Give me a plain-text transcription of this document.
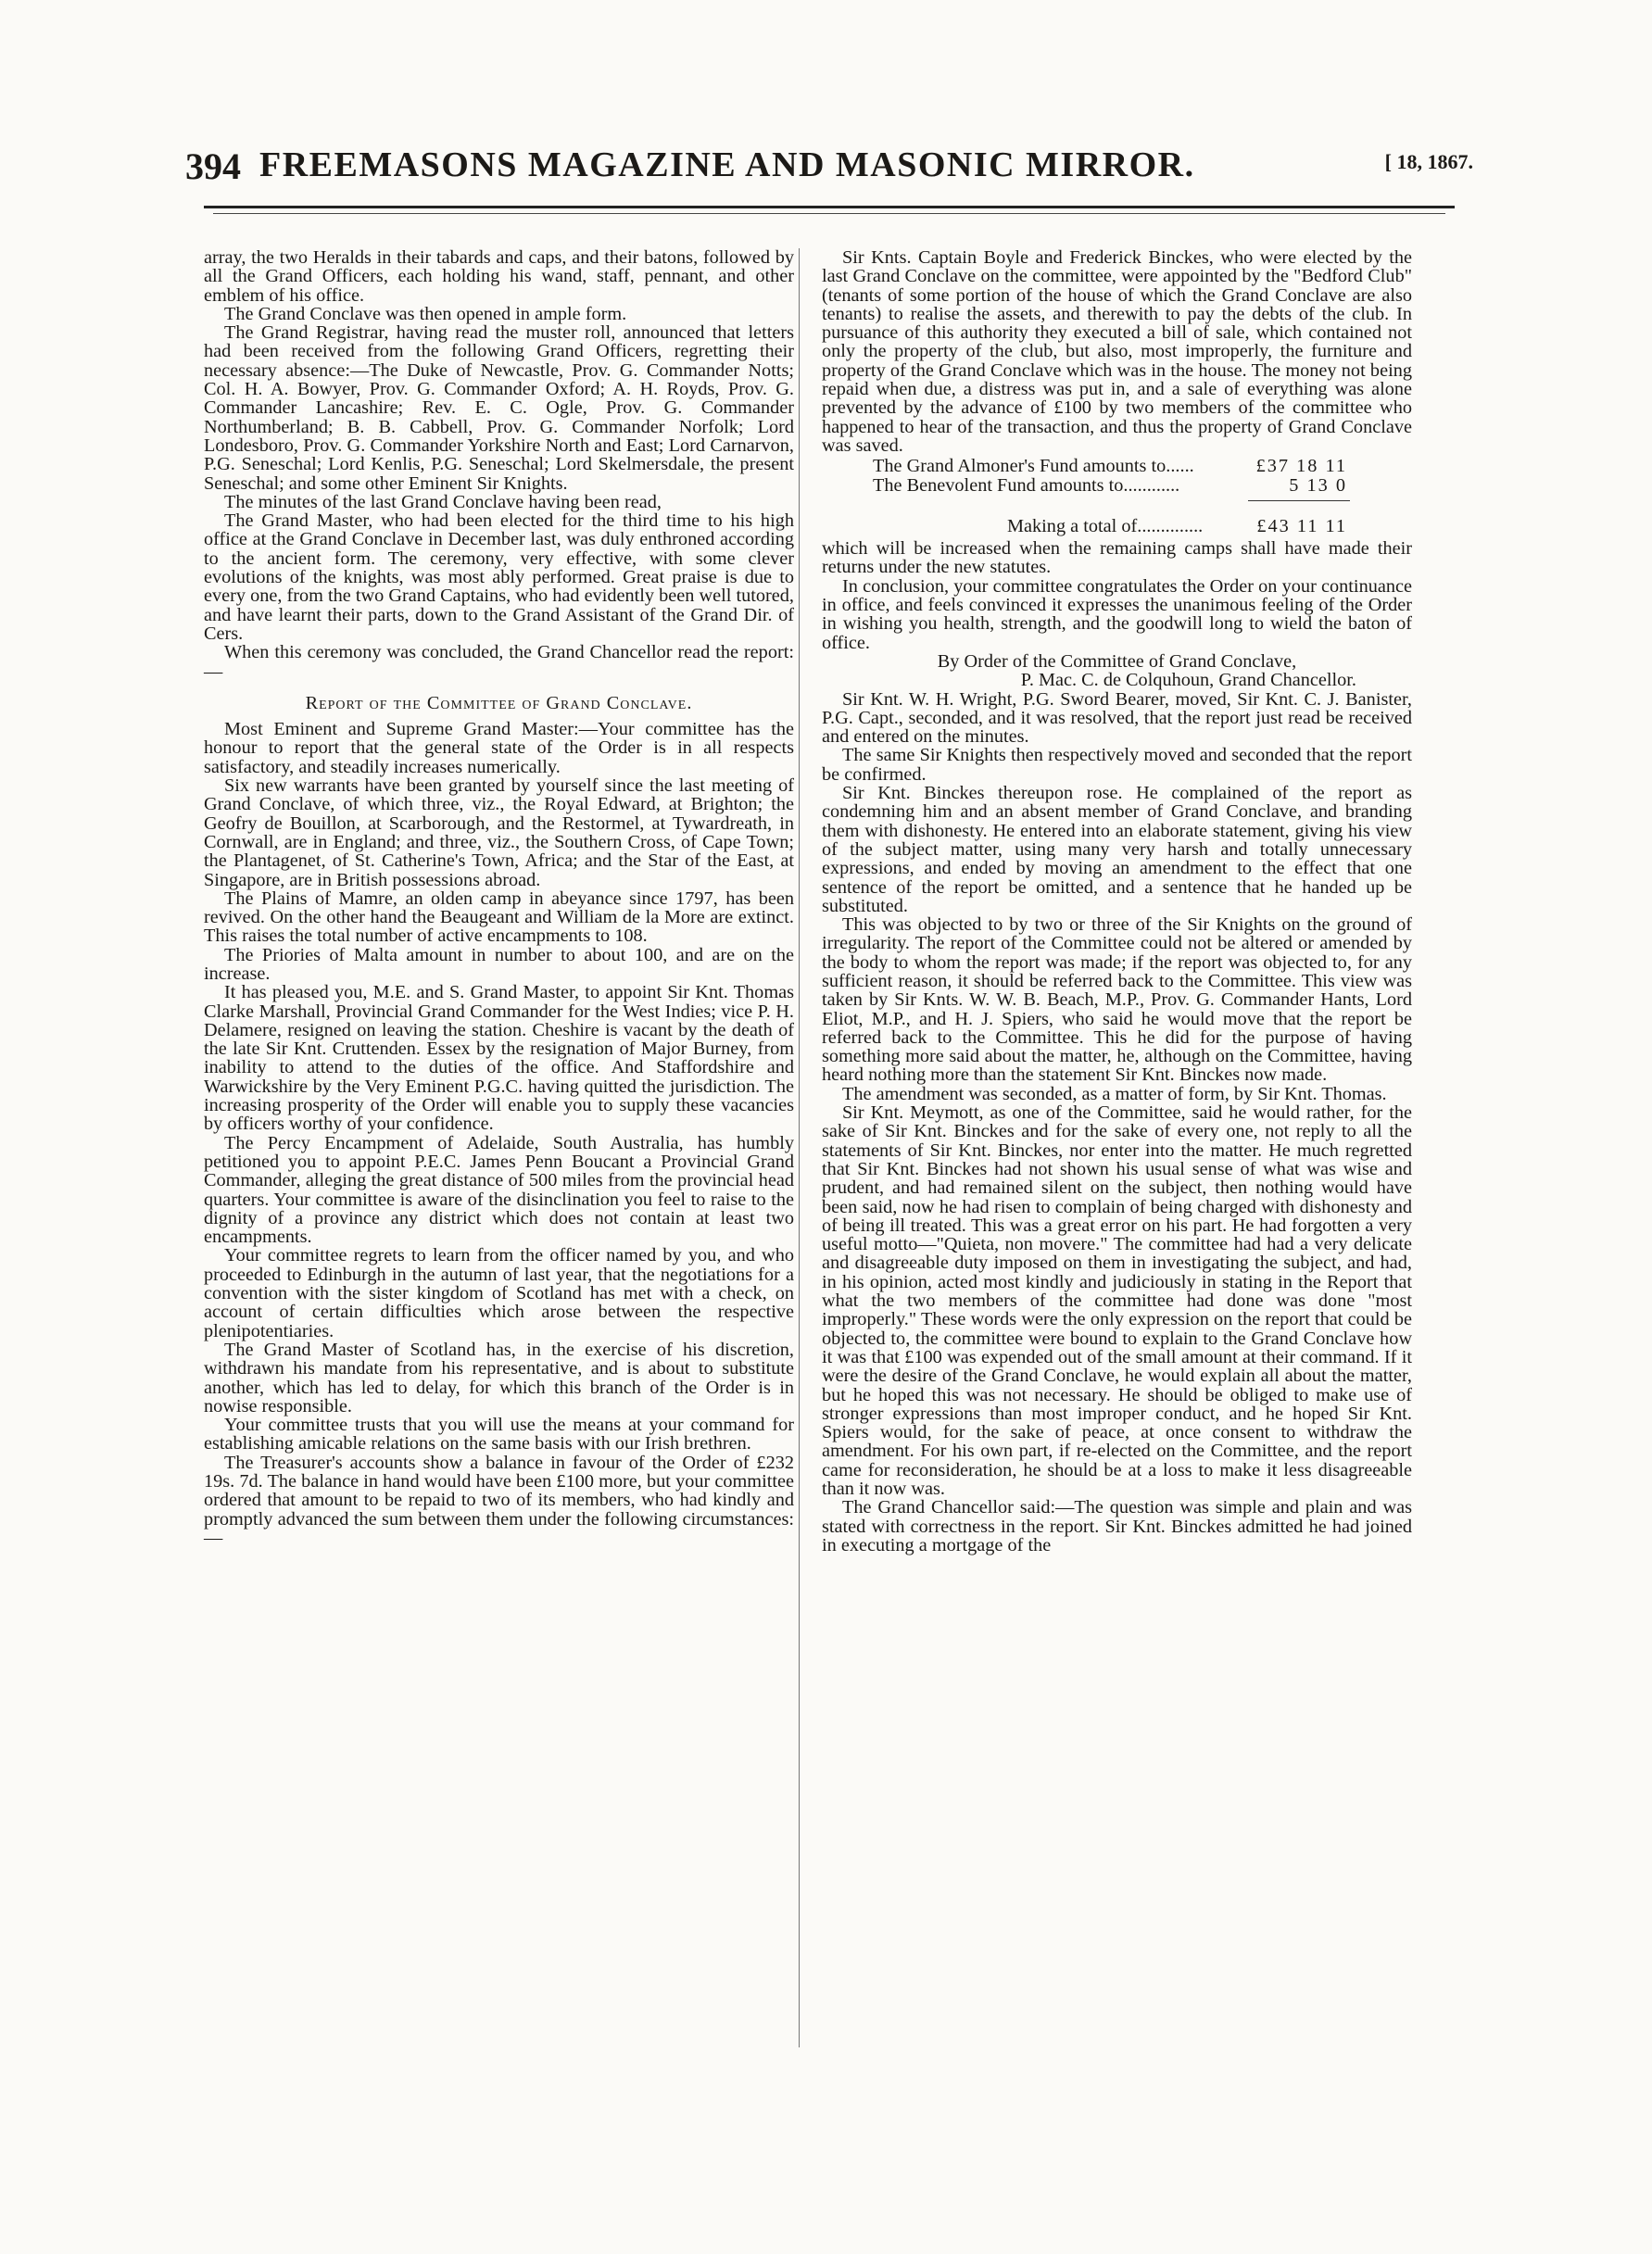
394 FREEMASONS MAGAZINE AND MASONIC MIRROR.	[ 18, 1867.

array, the two Heralds in their tabards and caps, and their batons, followed by all the Grand Officers, each holding his wand, staff, pennant, and other emblem of his office.

The Grand Conclave was then opened in ample form.

The Grand Registrar, having read the muster roll, announced that letters had been received from the following Grand Officers, regretting their necessary absence:—The Duke of Newcastle, Prov. G. Commander Notts; Col. H. A. Bowyer, Prov. G. Commander Oxford; A. H. Royds, Prov. G. Commander Lancashire; Rev. E. C. Ogle, Prov. G. Commander Northumberland; B. B. Cabbell, Prov. G. Commander Norfolk; Lord Londesboro, Prov. G. Commander Yorkshire North and East; Lord Carnarvon, P.G. Seneschal; Lord Kenlis, P.G. Seneschal; Lord Skelmersdale, the present Seneschal; and some other Eminent Sir Knights.

The minutes of the last Grand Conclave having been read,

The Grand Master, who had been elected for the third time to his high office at the Grand Conclave in December last, was duly enthroned according to the ancient form. The ceremony, very effective, with some clever evolutions of the knights, was most ably performed. Great praise is due to every one, from the two Grand Captains, who had evidently been well tutored, and have learnt their parts, down to the Grand Assistant of the Grand Dir. of Cers.

When this ceremony was concluded, the Grand Chancellor read the report:—

Report of the Committee of Grand Conclave.

Most Eminent and Supreme Grand Master:—Your committee has the honour to report that the general state of the Order is in all respects satisfactory, and steadily increases numerically.

Six new warrants have been granted by yourself since the last meeting of Grand Conclave, of which three, viz., the Royal Edward, at Brighton; the Geofry de Bouillon, at Scarborough, and the Restormel, at Tywardreath, in Cornwall, are in England; and three, viz., the Southern Cross, of Cape Town; the Plantagenet, of St. Catherine's Town, Africa; and the Star of the East, at Singapore, are in British possessions abroad.

The Plains of Mamre, an olden camp in abeyance since 1797, has been revived. On the other hand the Beaugeant and William de la More are extinct. This raises the total number of active encampments to 108.

The Priories of Malta amount in number to about 100, and are on the increase.

It has pleased you, M.E. and S. Grand Master, to appoint Sir Knt. Thomas Clarke Marshall, Provincial Grand Commander for the West Indies; vice P. H. Delamere, resigned on leaving the station. Cheshire is vacant by the death of the late Sir Knt. Cruttenden. Essex by the resignation of Major Burney, from inability to attend to the duties of the office. And Staffordshire and Warwickshire by the Very Eminent P.G.C. having quitted the jurisdiction. The increasing prosperity of the Order will enable you to supply these vacancies by officers worthy of your confidence.

The Percy Encampment of Adelaide, South Australia, has humbly petitioned you to appoint P.E.C. James Penn Boucant a Provincial Grand Commander, alleging the great distance of 500 miles from the provincial head quarters. Your committee is aware of the disinclination you feel to raise to the dignity of a province any district which does not contain at least two encampments.

Your committee regrets to learn from the officer named by you, and who proceeded to Edinburgh in the autumn of last year, that the negotiations for a convention with the sister kingdom of Scotland has met with a check, on account of certain difficulties which arose between the respective plenipotentiaries.

The Grand Master of Scotland has, in the exercise of his discretion, withdrawn his mandate from his representative, and is about to substitute another, which has led to delay, for which this branch of the Order is in nowise responsible.

Your committee trusts that you will use the means at your command for establishing amicable relations on the same basis with our Irish brethren.

The Treasurer's accounts show a balance in favour of the Order of £232 19s. 7d. The balance in hand would have been £100 more, but your committee ordered that amount to be repaid to two of its members, who had kindly and promptly advanced the sum between them under the following circumstances:—

Sir Knts. Captain Boyle and Frederick Binckes, who were elected by the last Grand Conclave on the committee, were appointed by the "Bedford Club" (tenants of some portion of the house of which the Grand Conclave are also tenants) to realise the assets, and therewith to pay the debts of the club. In pursuance of this authority they executed a bill of sale, which contained not only the property of the club, but also, most improperly, the furniture and property of the Grand Conclave which was in the house. The money not being repaid when due, a distress was put in, and a sale of everything was alone prevented by the advance of £100 by two members of the committee who happened to hear of the transaction, and thus the property of Grand Conclave was saved.

The Grand Almoner's Fund amounts to......	£37 18 11
The Benevolent Fund amounts to............	5 13 0
Making a total of..............	£43 11 11

which will be increased when the remaining camps shall have made their returns under the new statutes.

In conclusion, your committee congratulates the Order on your continuance in office, and feels convinced it expresses the unanimous feeling of the Order in wishing you health, strength, and the goodwill long to wield the baton of office.

By Order of the Committee of Grand Conclave,

P. Mac. C. de Colquhoun, Grand Chancellor.

Sir Knt. W. H. Wright, P.G. Sword Bearer, moved, Sir Knt. C. J. Banister, P.G. Capt., seconded, and it was resolved, that the report just read be received and entered on the minutes.

The same Sir Knights then respectively moved and seconded that the report be confirmed.

Sir Knt. Binckes thereupon rose. He complained of the report as condemning him and an absent member of Grand Conclave, and branding them with dishonesty. He entered into an elaborate statement, giving his view of the subject matter, using many very harsh and totally unnecessary expressions, and ended by moving an amendment to the effect that one sentence of the report be omitted, and a sentence that he handed up be substituted.

This was objected to by two or three of the Sir Knights on the ground of irregularity. The report of the Committee could not be altered or amended by the body to whom the report was made; if the report was objected to, for any sufficient reason, it should be referred back to the Committee. This view was taken by Sir Knts. W. W. B. Beach, M.P., Prov. G. Commander Hants, Lord Eliot, M.P., and H. J. Spiers, who said he would move that the report be referred back to the Committee. This he did for the purpose of having something more said about the matter, he, although on the Committee, having heard nothing more than the statement Sir Knt. Binckes now made.

The amendment was seconded, as a matter of form, by Sir Knt. Thomas.

Sir Knt. Meymott, as one of the Committee, said he would rather, for the sake of Sir Knt. Binckes and for the sake of every one, not reply to all the statements of Sir Knt. Binckes, nor enter into the matter. He much regretted that Sir Knt. Binckes had not shown his usual sense of what was wise and prudent, and had remained silent on the subject, then nothing would have been said, now he had risen to complain of being charged with dishonesty and of being ill treated. This was a great error on his part. He had forgotten a very useful motto—"Quieta, non movere." The committee had had a very delicate and disagreeable duty imposed on them in investigating the subject, and had, in his opinion, acted most kindly and judiciously in stating in the Report that what the two members of the committee had done was done "most improperly." These words were the only expression on the report that could be objected to, the committee were bound to explain to the Grand Conclave how it was that £100 was expended out of the small amount at their command. If it were the desire of the Grand Conclave, he would explain all about the matter, but he hoped this was not necessary. He should be obliged to make use of stronger expressions than most improper conduct, and he hoped Sir Knt. Spiers would, for the sake of peace, at once consent to withdraw the amendment. For his own part, if re-elected on the Committee, and the report came for reconsideration, he should be at a loss to make it less disagreeable than it now was.

The Grand Chancellor said:—The question was simple and plain and was stated with correctness in the report. Sir Knt. Binckes admitted he had joined in executing a mortgage of the
